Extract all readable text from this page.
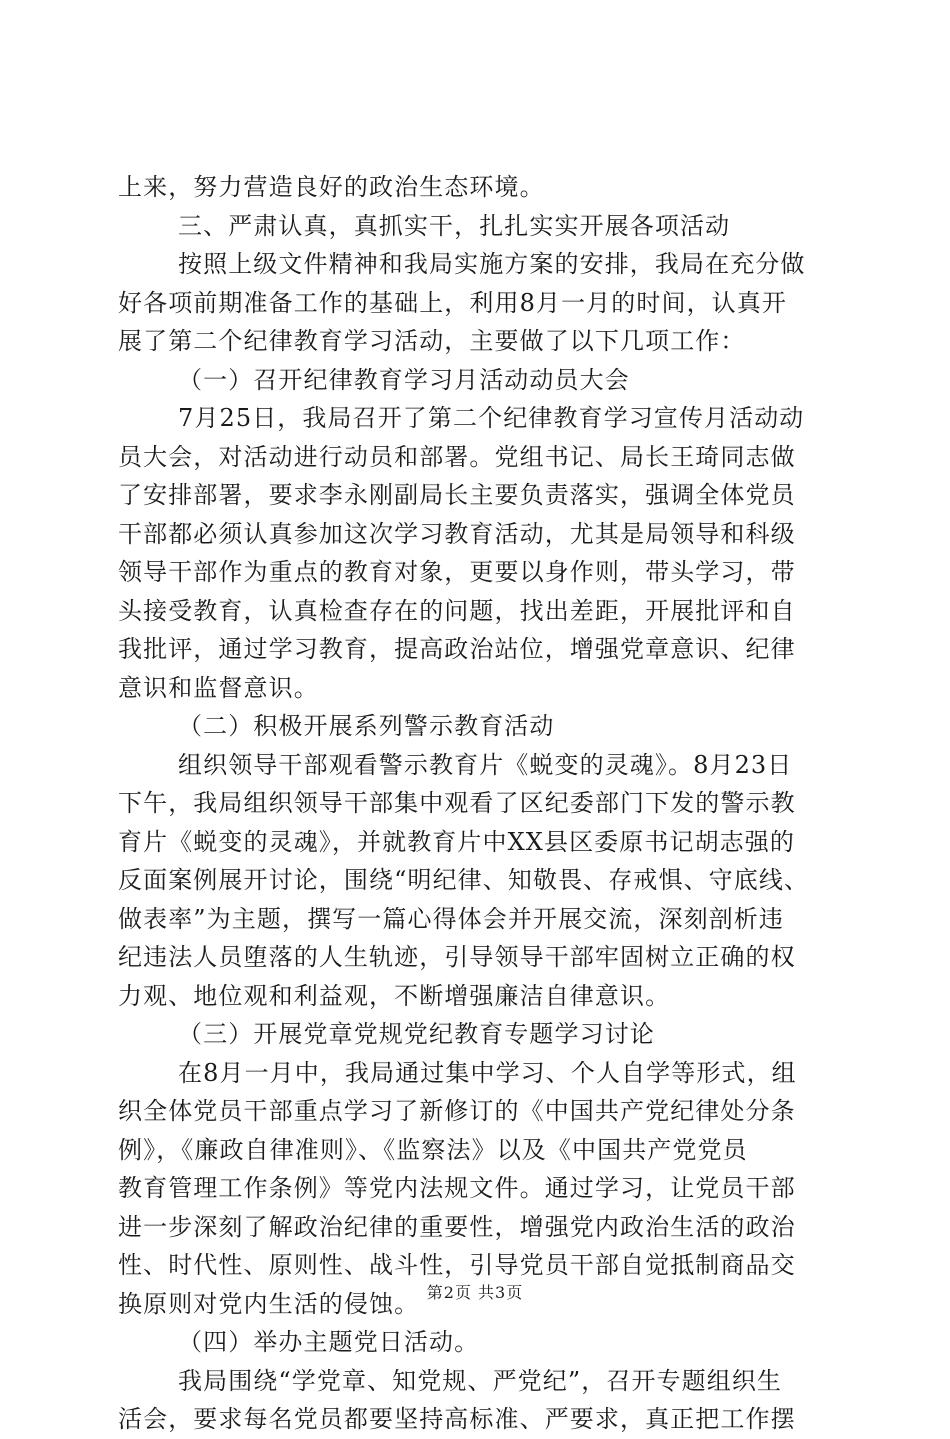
上来，努力营造良好的政治生态环境。
三、严肃认真，真抓实干，扎扎实实开展各项活动
按照上级文件精神和我局实施方案的安排，我局在充分做
好各项前期准备工作的基础上，利用8月一月的时间，认真开
展了第二个纪律教育学习活动，主要做了以下几项工作：
（一）召开纪律教育学习月活动动员大会
7月25日，我局召开了第二个纪律教育学习宣传月活动动
员大会，对活动进行动员和部署。党组书记、局长王琦同志做
了安排部署，要求李永刚副局长主要负责落实，强调全体党员
干部都必须认真参加这次学习教育活动，尤其是局领导和科级
领导干部作为重点的教育对象，更要以身作则，带头学习，带
头接受教育，认真检查存在的问题，找出差距，开展批评和自
我批评，通过学习教育，提高政治站位，增强党章意识、纪律
意识和监督意识。
（二）积极开展系列警示教育活动
组织领导干部观看警示教育片《蜕变的灵魂》。8月23日
下午，我局组织领导干部集中观看了区纪委部门下发的警示教
育片《蜕变的灵魂》，并就教育片中XX县区委原书记胡志强的
反面案例展开讨论，围绕“明纪律、知敬畏、存戒惧、守底线、
做表率”为主题，撰写一篇心得体会并开展交流，深刻剖析违
纪违法人员堕落的人生轨迹，引导领导干部牢固树立正确的权
力观、地位观和利益观，不断增强廉洁自律意识。
（三）开展党章党规党纪教育专题学习讨论
在8月一月中，我局通过集中学习、个人自学等形式，组
织全体党员干部重点学习了新修订的《中国共产党纪律处分条
例》，《廉政自律准则》、《监察法》以及《中国共产党党员
教育管理工作条例》等党内法规文件。通过学习，让党员干部
进一步深刻了解政治纪律的重要性，增强党内政治生活的政治
性、时代性、原则性、战斗性，引导党员干部自觉抵制商品交
换原则对党内生活的侵蚀。
（四）举办主题党日活动。
我局围绕“学党章、知党规、严党纪”，召开专题组织生
活会，要求每名党员都要坚持高标准、严要求，真正把工作摆
第2页 共3页
